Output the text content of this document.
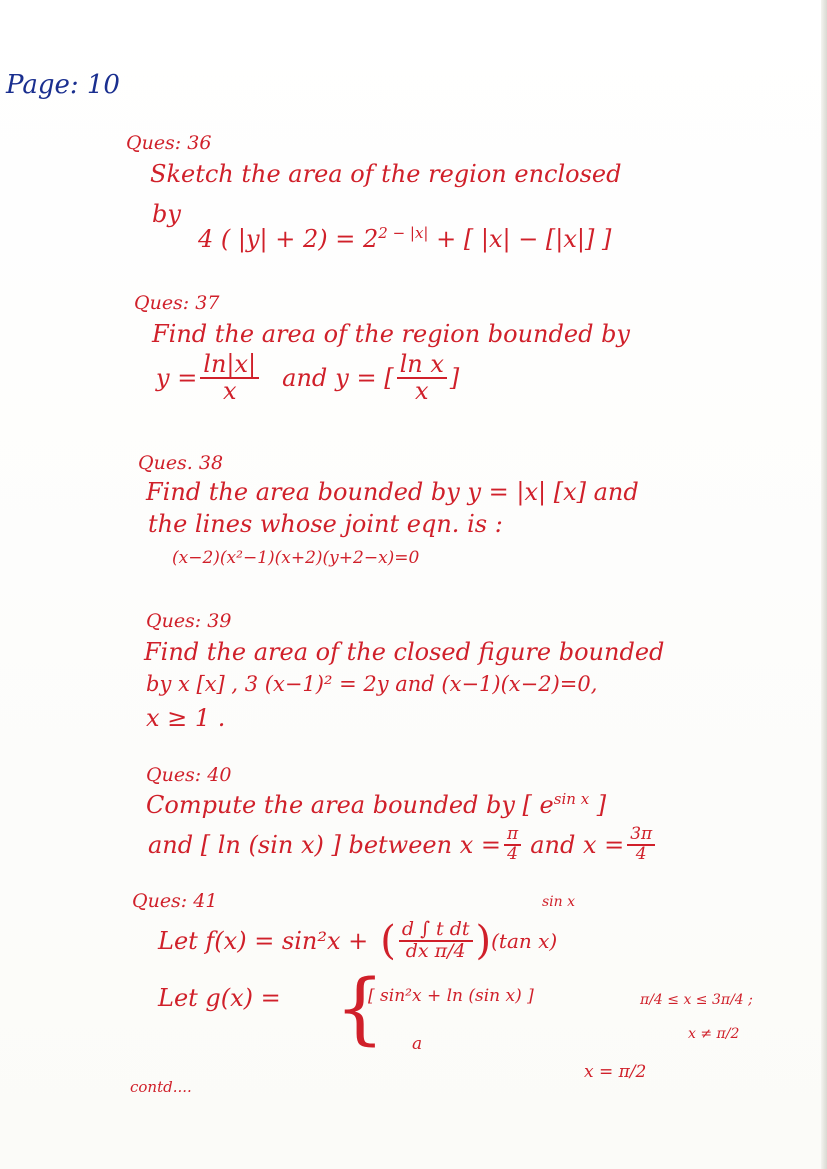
Page: 10
Ques: 36
Sketch the area of the region enclosed
by
4 ( $|y| + 2) = 2^{2 - |x|}$ + [ |x| − [|x|] ]
Ques: 37
Find the area of the region bounded by
$y = \frac{\ln|x|}{x}$ and y = [ $\frac{\text{ln x}}{x}$ ]
Ques. 38
Find the area bounded by y = |x| [x] and
the lines whose joint eqn. is :
(x−2)(x²−1)(x+2)(y+2−x)=0
Ques: 39
Find the area of the closed figure bounded
by x [x] , 3 (x−1)² = 2y and (x−1)(x−2)=0,
x ≥ 1 .
Ques: 40
Compute the area bounded by [ $e^{sin x}$ ]
and [ ln (sin x) ] between $x = \frac{\pi}{4}$ and $x = \frac{3\pi}{4}$
Ques: 41	sin x
Let f(x) = sin²x + ( $\frac{\text{d ∫ t dt}}{\text{dx π/4}}$ ) (tan x)
Let g(x) = {
[ sin²x + ln (sin x) ]	π/4 ≤ x ≤ 3π/4 ;
x ≠ π/2
a
x = π/2
contd....
